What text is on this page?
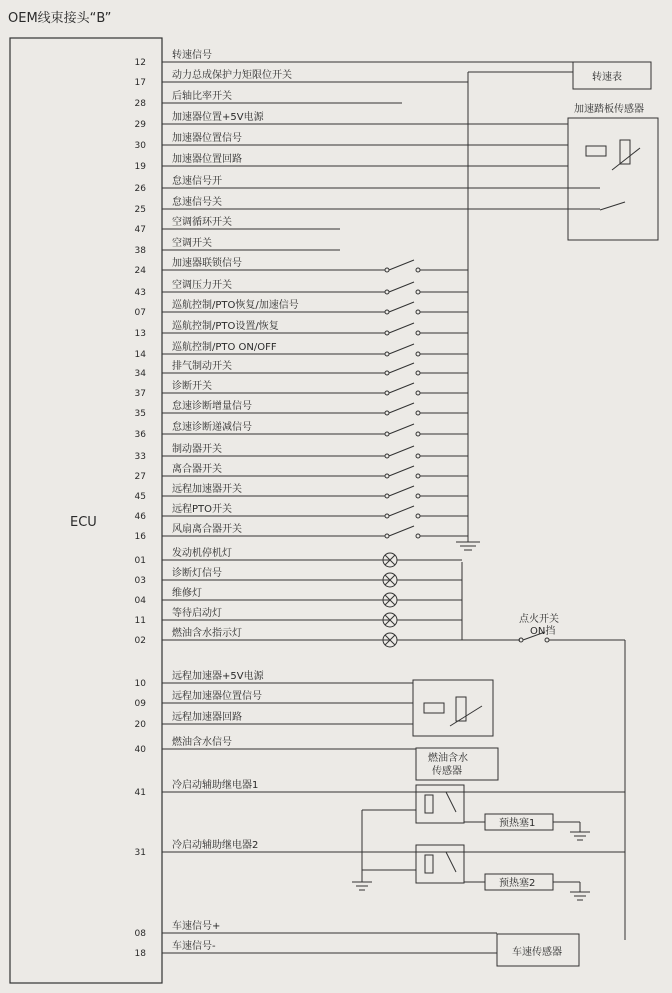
OEM线束接头“B”
ECU
12
转速信号
17
动力总成保护力矩限位开关
28
后轴比率开关
29
加速器位置+5V电源
30
加速器位置信号
19
加速器位置回路
26
怠速信号开
25
怠速信号关
47
空调循环开关
38
空调开关
24
加速器联锁信号
43
空调压力开关
07
巡航控制/PTO恢复/加速信号
13
巡航控制/PTO设置/恢复
14
巡航控制/PTO ON/OFF
34
排气制动开关
37
诊断开关
35
怠速诊断增量信号
36
怠速诊断递减信号
33
制动器开关
27
离合器开关
45
远程加速器开关
46
远程PTO开关
16
风扇离合器开关
01
发动机停机灯
03
诊断灯信号
04
维修灯
11
等待启动灯
02
燃油含水指示灯
10
远程加速器+5V电源
09
远程加速器位置信号
20
远程加速器回路
40
燃油含水信号
41
冷启动辅助继电器1
31
冷启动辅助继电器2
08
车速信号+
18
车速信号-
转速表
加速踏板传感器
点火开关
ON挡
燃油含水
传感器
预热塞1
预热塞2
车速传感器
